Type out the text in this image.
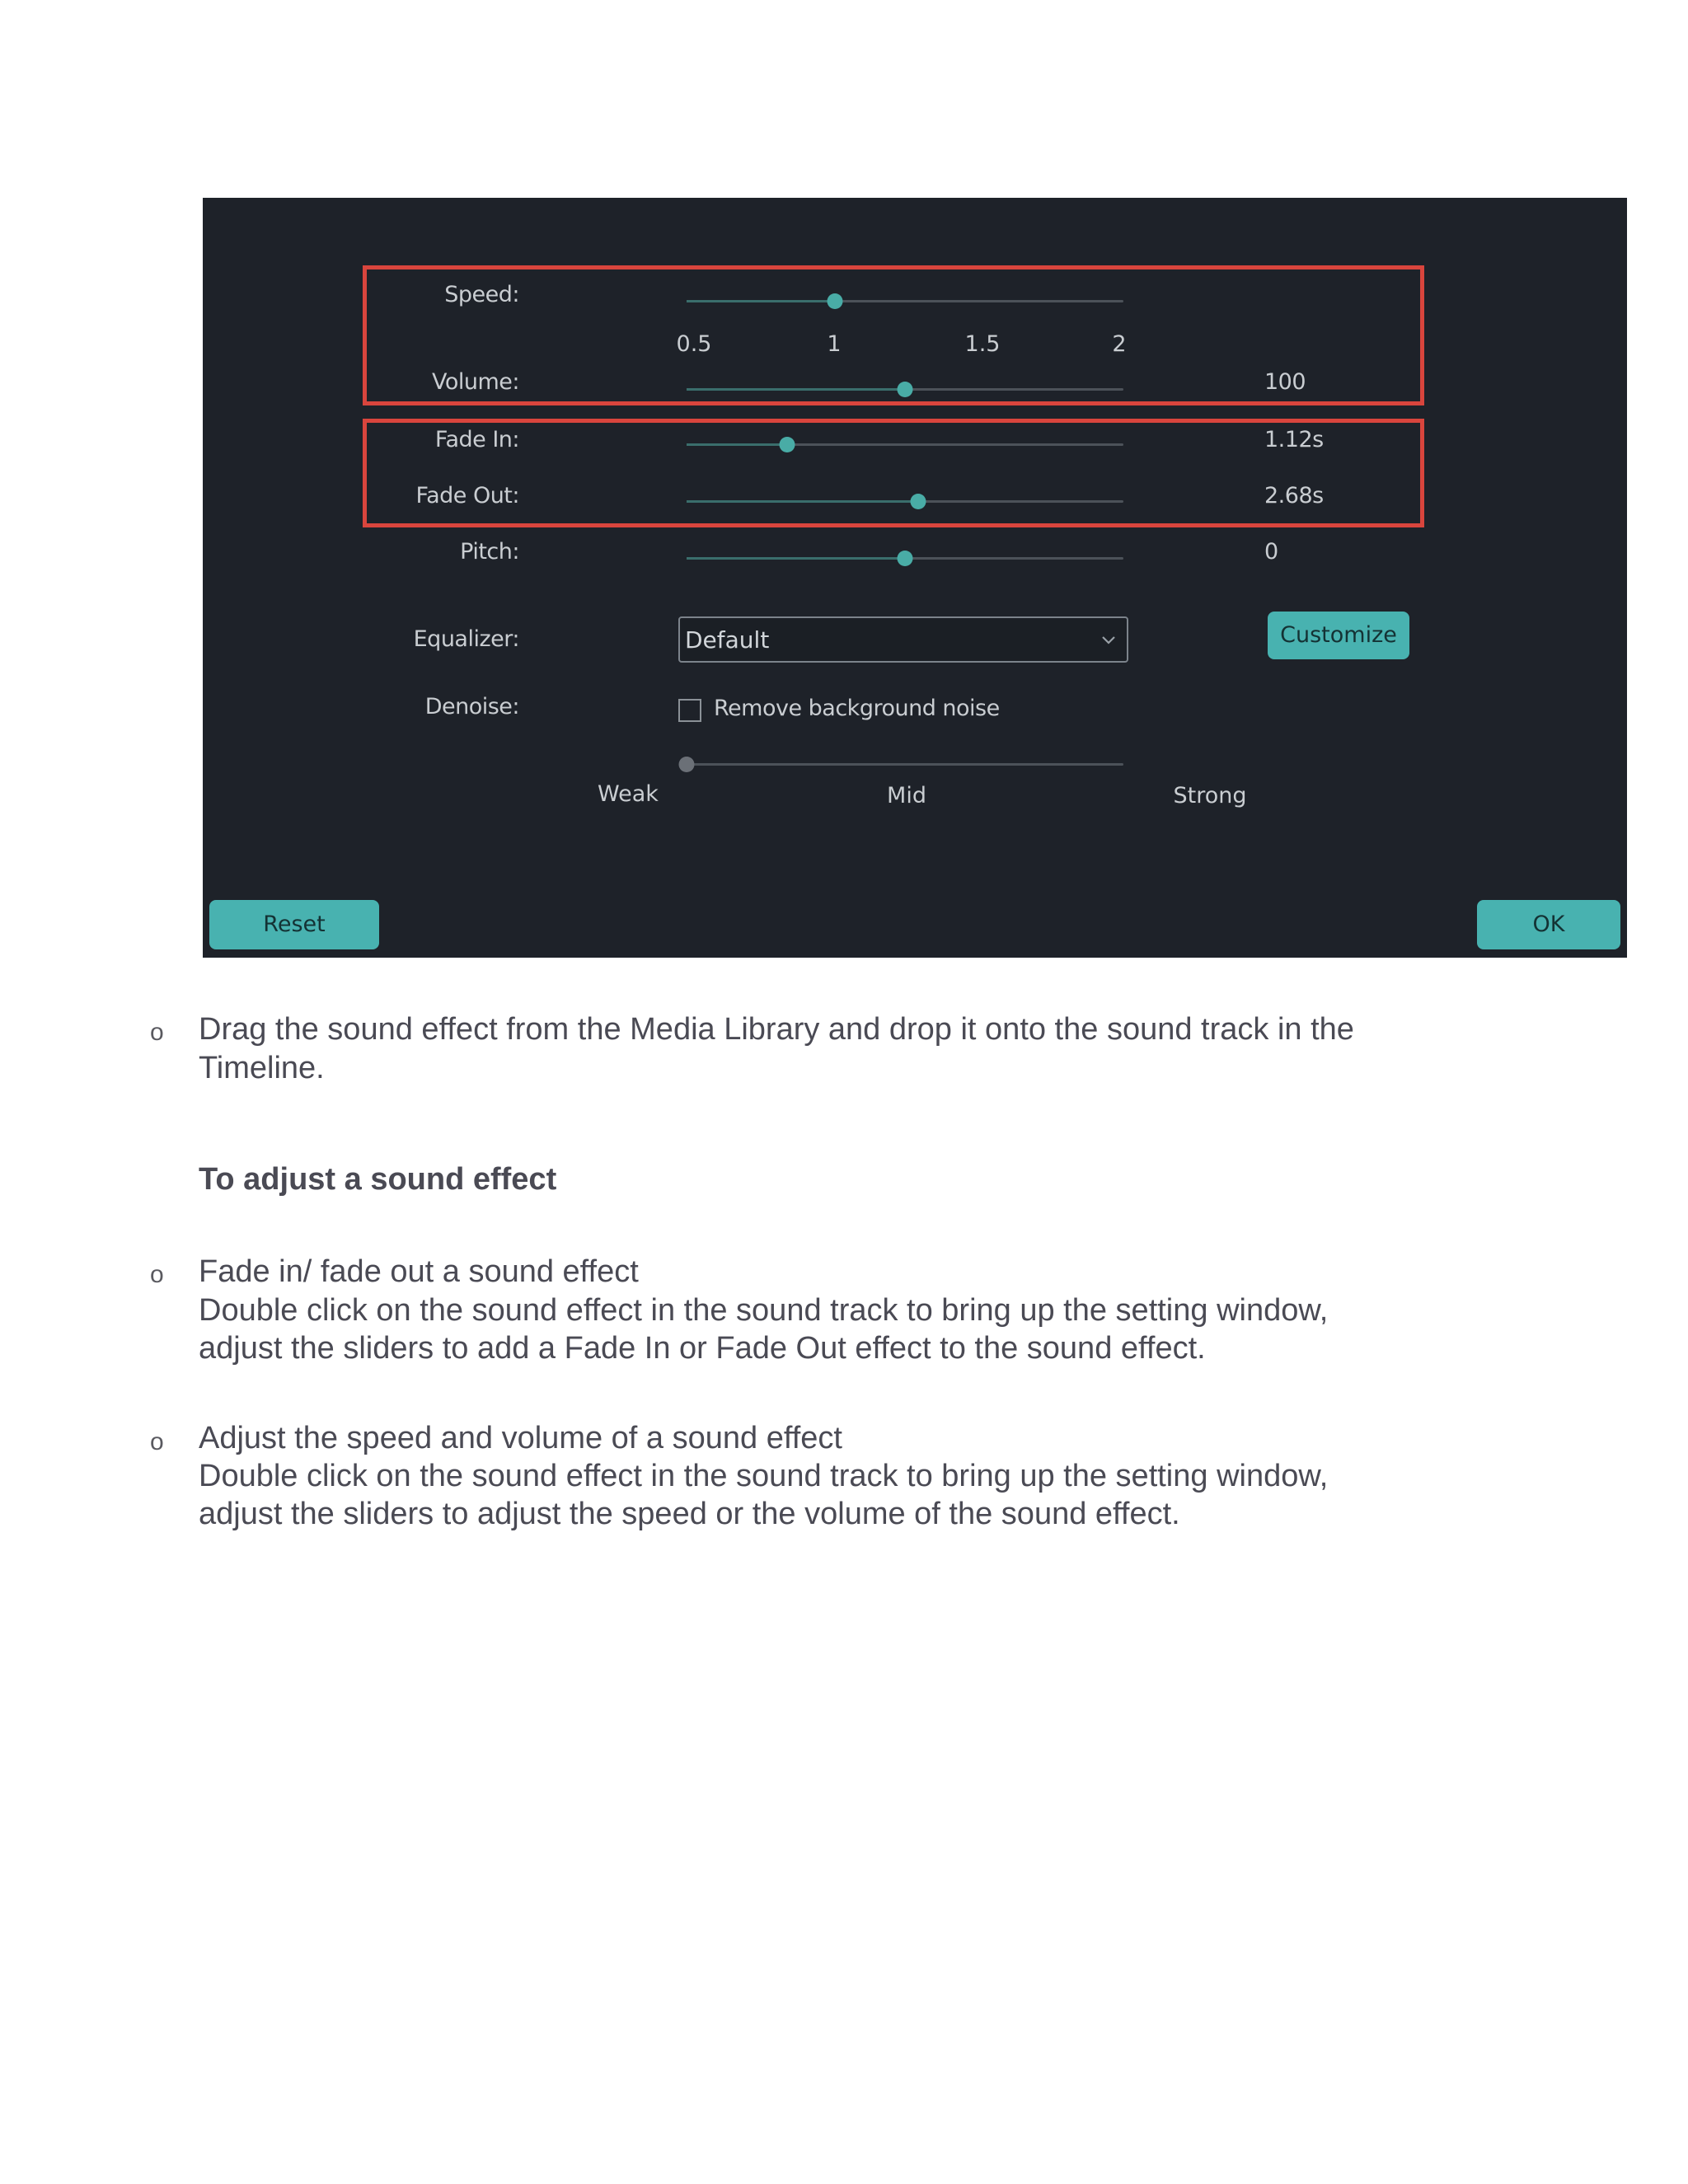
Speed:
0.5	1	1.5	2
Volume:	100
Fade In:	1.12s
Fade Out:	2.68s
Pitch:	0
Equalizer:	Default	Customize
Denoise:	Remove background noise
Weak	Mid	Strong
Reset	OK
o Drag the sound effect from the Media Library and drop it onto the sound track in the
Timeline.
To adjust a sound effect
o Fade in/ fade out a sound effect
Double click on the sound effect in the sound track to bring up the setting window,
adjust the sliders to add a Fade In or Fade Out effect to the sound effect.
o Adjust the speed and volume of a sound effect
Double click on the sound effect in the sound track to bring up the setting window,
adjust the sliders to adjust the speed or the volume of the sound effect.
